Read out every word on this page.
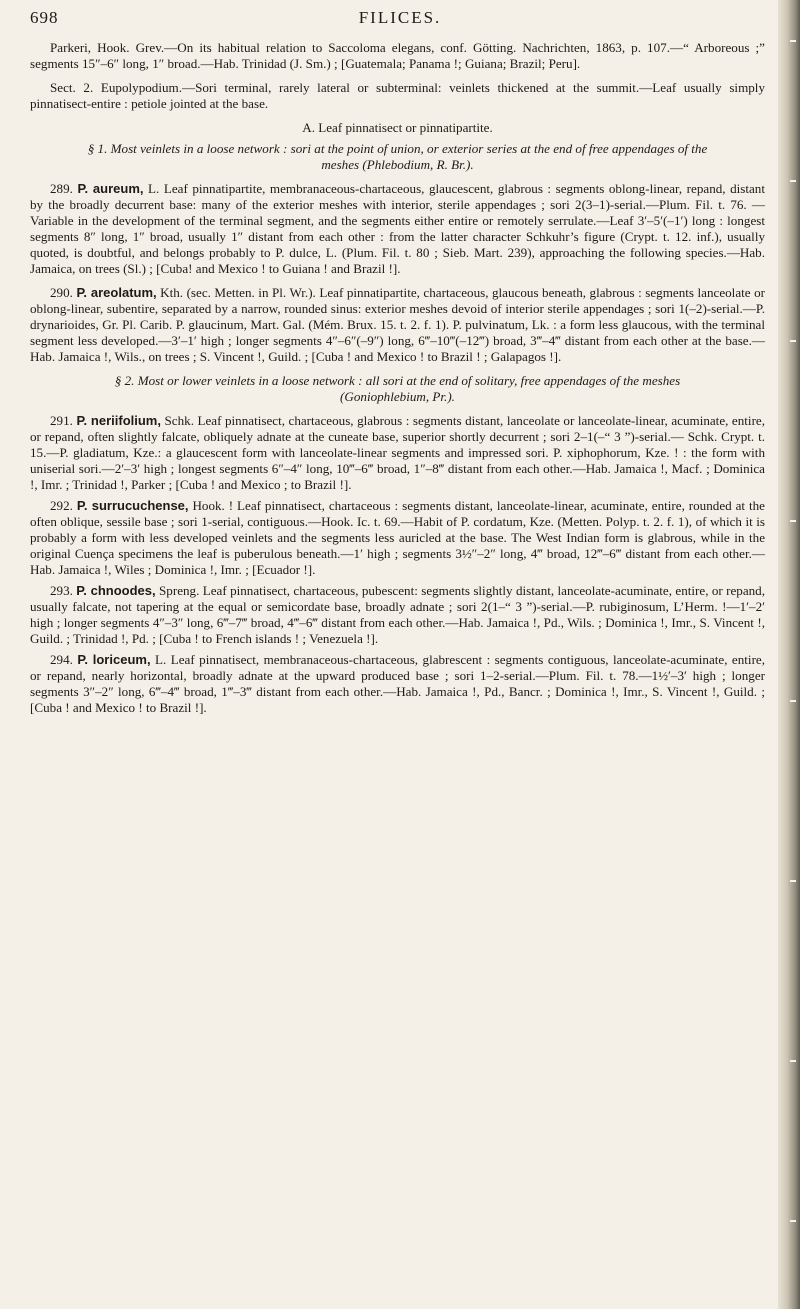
698	FILICES.

Parkeri, Hook. Grev.—On its habitual relation to Saccoloma elegans, conf. Götting. Nachrichten, 1863, p. 107.—“ Arboreous ;” segments 15″–6″ long, 1″ broad.—Hab. Trinidad (J. Sm.) ; [Guatemala; Panama !; Guiana; Brazil; Peru].

Sect. 2. Eupolypodium.—Sori terminal, rarely lateral or subterminal: veinlets thickened at the summit.—Leaf usually simply pinnatisect-entire : petiole jointed at the base.

A. Leaf pinnatisect or pinnatipartite.

§ 1. Most veinlets in a loose network : sori at the point of union, or exterior series at the end of free appendages of the meshes (Phlebodium, R. Br.).

289. P. aureum, L. Leaf pinnatipartite, membranaceous-chartaceous, glaucescent, glabrous : segments oblong-linear, repand, distant by the broadly decurrent base: many of the exterior meshes with interior, sterile appendages ; sori 2(3–1)-serial.—Plum. Fil. t. 76. —Variable in the development of the terminal segment, and the segments either entire or remotely serrulate.—Leaf 3′–5′(–1′) long : longest segments 8″ long, 1″ broad, usually 1″ distant from each other : from the latter character Schkuhr’s figure (Crypt. t. 12. inf.), usually quoted, is doubtful, and belongs probably to P. dulce, L. (Plum. Fil. t. 80 ; Sieb. Mart. 239), approaching the following species.—Hab. Jamaica, on trees (Sl.) ; [Cuba! and Mexico ! to Guiana ! and Brazil !].

290. P. areolatum, Kth. (sec. Metten. in Pl. Wr.). Leaf pinnatipartite, chartaceous, glaucous beneath, glabrous : segments lanceolate or oblong-linear, subentire, separated by a narrow, rounded sinus: exterior meshes devoid of interior sterile appendages ; sori 1(–2)-serial.—P. drynarioides, Gr. Pl. Carib. P. glaucinum, Mart. Gal. (Mém. Brux. 15. t. 2. f. 1). P. pulvinatum, Lk. : a form less glaucous, with the terminal segment less developed.—3′–1′ high ; longer segments 4″–6″(–9″) long, 6‴–10‴(–12‴) broad, 3‴–4‴ distant from each other at the base.—Hab. Jamaica !, Wils., on trees ; S. Vincent !, Guild. ; [Cuba ! and Mexico ! to Brazil ! ; Galapagos !].

§ 2. Most or lower veinlets in a loose network : all sori at the end of solitary, free appendages of the meshes (Goniophlebium, Pr.).

291. P. neriifolium, Schk. Leaf pinnatisect, chartaceous, glabrous : segments distant, lanceolate or lanceolate-linear, acuminate, entire, or repand, often slightly falcate, obliquely adnate at the cuneate base, superior shortly decurrent ; sori 2–1(–“ 3 ”)-serial.— Schk. Crypt. t. 15.—P. gladiatum, Kze.: a glaucescent form with lanceolate-linear segments and impressed sori. P. xiphophorum, Kze. ! : the form with uniserial sori.—2′–3′ high ; longest segments 6″–4″ long, 10‴–6‴ broad, 1″–8‴ distant from each other.—Hab. Jamaica !, Macf. ; Dominica !, Imr. ; Trinidad !, Parker ; [Cuba ! and Mexico ; to Brazil !].

292. P. surrucuchense, Hook. ! Leaf pinnatisect, chartaceous : segments distant, lanceolate-linear, acuminate, entire, rounded at the often oblique, sessile base ; sori 1-serial, contiguous.—Hook. Ic. t. 69.—Habit of P. cordatum, Kze. (Metten. Polyp. t. 2. f. 1), of which it is probably a form with less developed veinlets and the segments less auricled at the base. The West Indian form is glabrous, while in the original Cuença specimens the leaf is puberulous beneath.—1′ high ; segments 3½″–2″ long, 4‴ broad, 12‴–6‴ distant from each other.—Hab. Jamaica !, Wiles ; Dominica !, Imr. ; [Ecuador !].

293. P. chnoodes, Spreng. Leaf pinnatisect, chartaceous, pubescent: segments slightly distant, lanceolate-acuminate, entire, or repand, usually falcate, not tapering at the equal or semicordate base, broadly adnate ; sori 2(1–“ 3 ”)-serial.—P. rubiginosum, L’Herm. !—1′–2′ high ; longer segments 4″–3″ long, 6‴–7‴ broad, 4‴–6‴ distant from each other.—Hab. Jamaica !, Pd., Wils. ; Dominica !, Imr., S. Vincent !, Guild. ; Trinidad !, Pd. ; [Cuba ! to French islands ! ; Venezuela !].

294. P. loriceum, L. Leaf pinnatisect, membranaceous-chartaceous, glabrescent : segments contiguous, lanceolate-acuminate, entire, or repand, nearly horizontal, broadly adnate at the upward produced base ; sori 1–2-serial.—Plum. Fil. t. 78.—1½′–3′ high ; longer segments 3″–2″ long, 6‴–4‴ broad, 1‴–3‴ distant from each other.—Hab. Jamaica !, Pd., Bancr. ; Dominica !, Imr., S. Vincent !, Guild. ; [Cuba ! and Mexico ! to Brazil !].
